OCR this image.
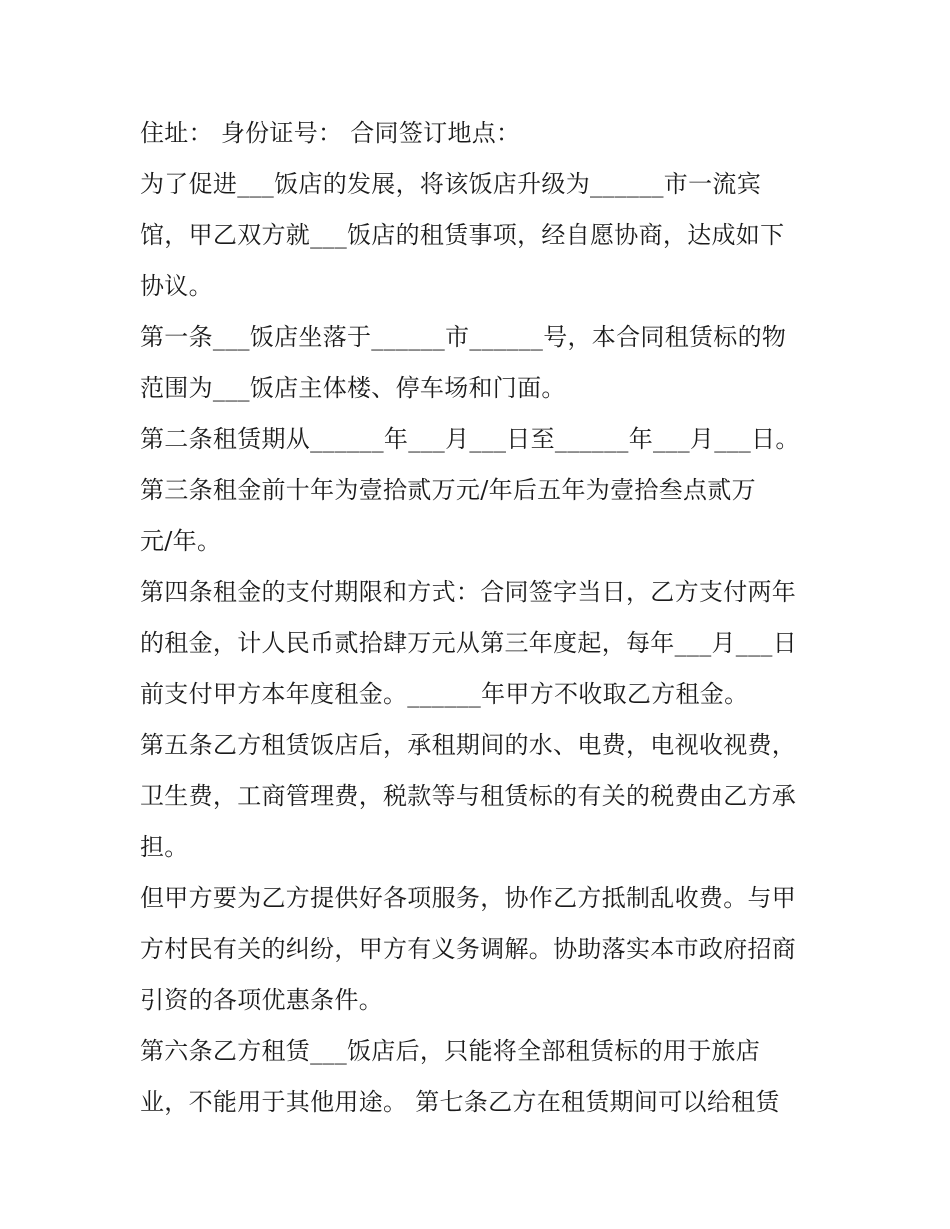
住址： 身份证号： 合同签订地点：
为了促进___饭店的发展，将该饭店升级为______市一流宾
馆，甲乙双方就___饭店的租赁事项，经自愿协商，达成如下
协议。
第一条___饭店坐落于______市______号，本合同租赁标的物
范围为___饭店主体楼、停车场和门面。
第二条租赁期从______年___月___日至______年___月___日。
第三条租金前十年为壹拾贰万元/年后五年为壹拾叁点贰万
元/年。
第四条租金的支付期限和方式：合同签字当日，乙方支付两年
的租金，计人民币贰拾肆万元从第三年度起，每年___月___日
前支付甲方本年度租金。______年甲方不收取乙方租金。
第五条乙方租赁饭店后，承租期间的水、电费，电视收视费，
卫生费，工商管理费，税款等与租赁标的有关的税费由乙方承
担。
但甲方要为乙方提供好各项服务，协作乙方抵制乱收费。与甲
方村民有关的纠纷，甲方有义务调解。协助落实本市政府招商
引资的各项优惠条件。
第六条乙方租赁___饭店后，只能将全部租赁标的用于旅店
业，不能用于其他用途。 第七条乙方在租赁期间可以给租赁
